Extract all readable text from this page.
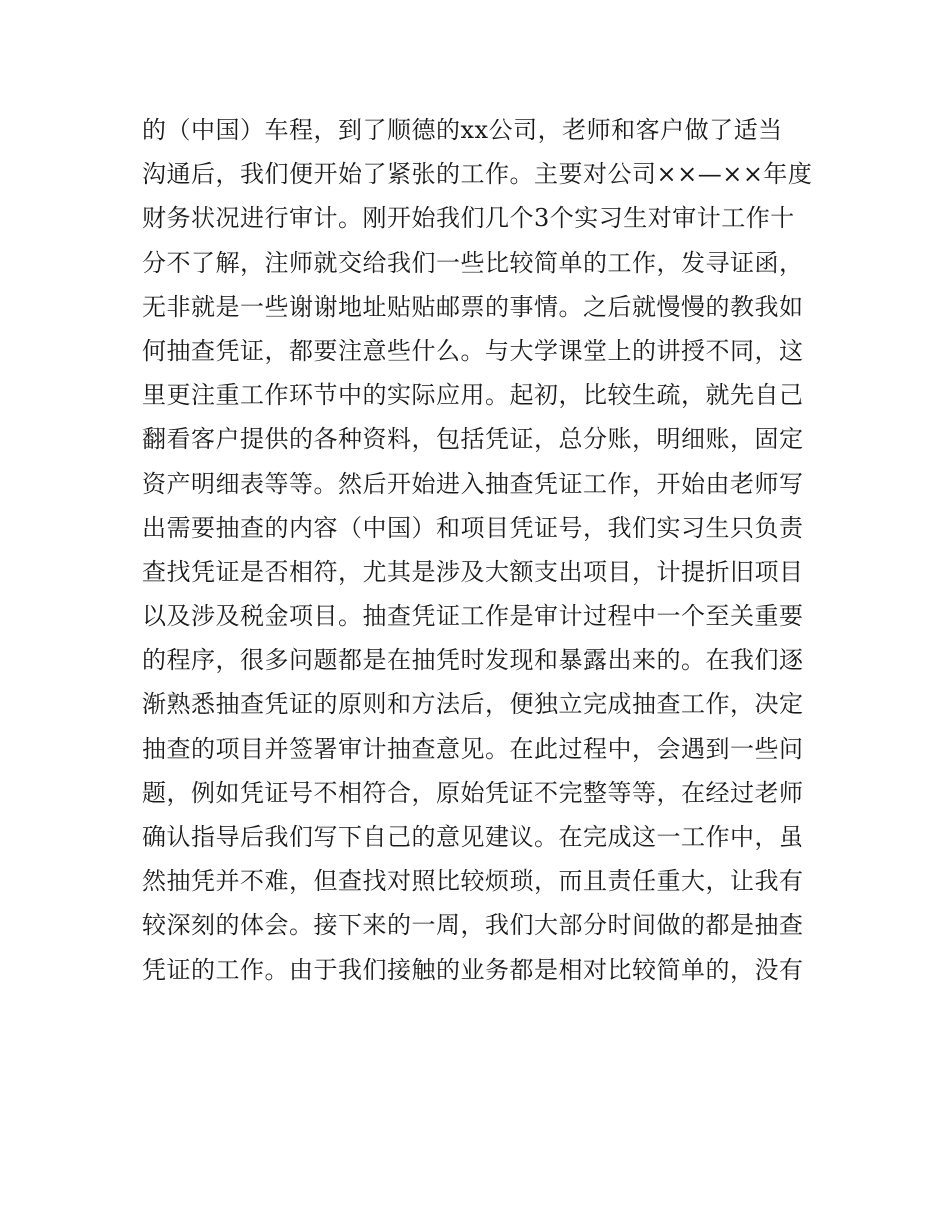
的（中国）车程，到了顺德的xx公司，老师和客户做了适当
沟通后，我们便开始了紧张的工作。主要对公司××—××年度
财务状况进行审计。刚开始我们几个3个实习生对审计工作十
分不了解，注师就交给我们一些比较简单的工作，发寻证函，
无非就是一些谢谢地址贴贴邮票的事情。之后就慢慢的教我如
何抽查凭证，都要注意些什么。与大学课堂上的讲授不同，这
里更注重工作环节中的实际应用。起初，比较生疏，就先自己
翻看客户提供的各种资料，包括凭证，总分账，明细账，固定
资产明细表等等。然后开始进入抽查凭证工作，开始由老师写
出需要抽查的内容（中国）和项目凭证号，我们实习生只负责
查找凭证是否相符，尤其是涉及大额支出项目，计提折旧项目
以及涉及税金项目。抽查凭证工作是审计过程中一个至关重要
的程序，很多问题都是在抽凭时发现和暴露出来的。在我们逐
渐熟悉抽查凭证的原则和方法后，便独立完成抽查工作，决定
抽查的项目并签署审计抽查意见。在此过程中，会遇到一些问
题，例如凭证号不相符合，原始凭证不完整等等，在经过老师
确认指导后我们写下自己的意见建议。在完成这一工作中，虽
然抽凭并不难，但查找对照比较烦琐，而且责任重大，让我有
较深刻的体会。接下来的一周，我们大部分时间做的都是抽查
凭证的工作。由于我们接触的业务都是相对比较简单的，没有
